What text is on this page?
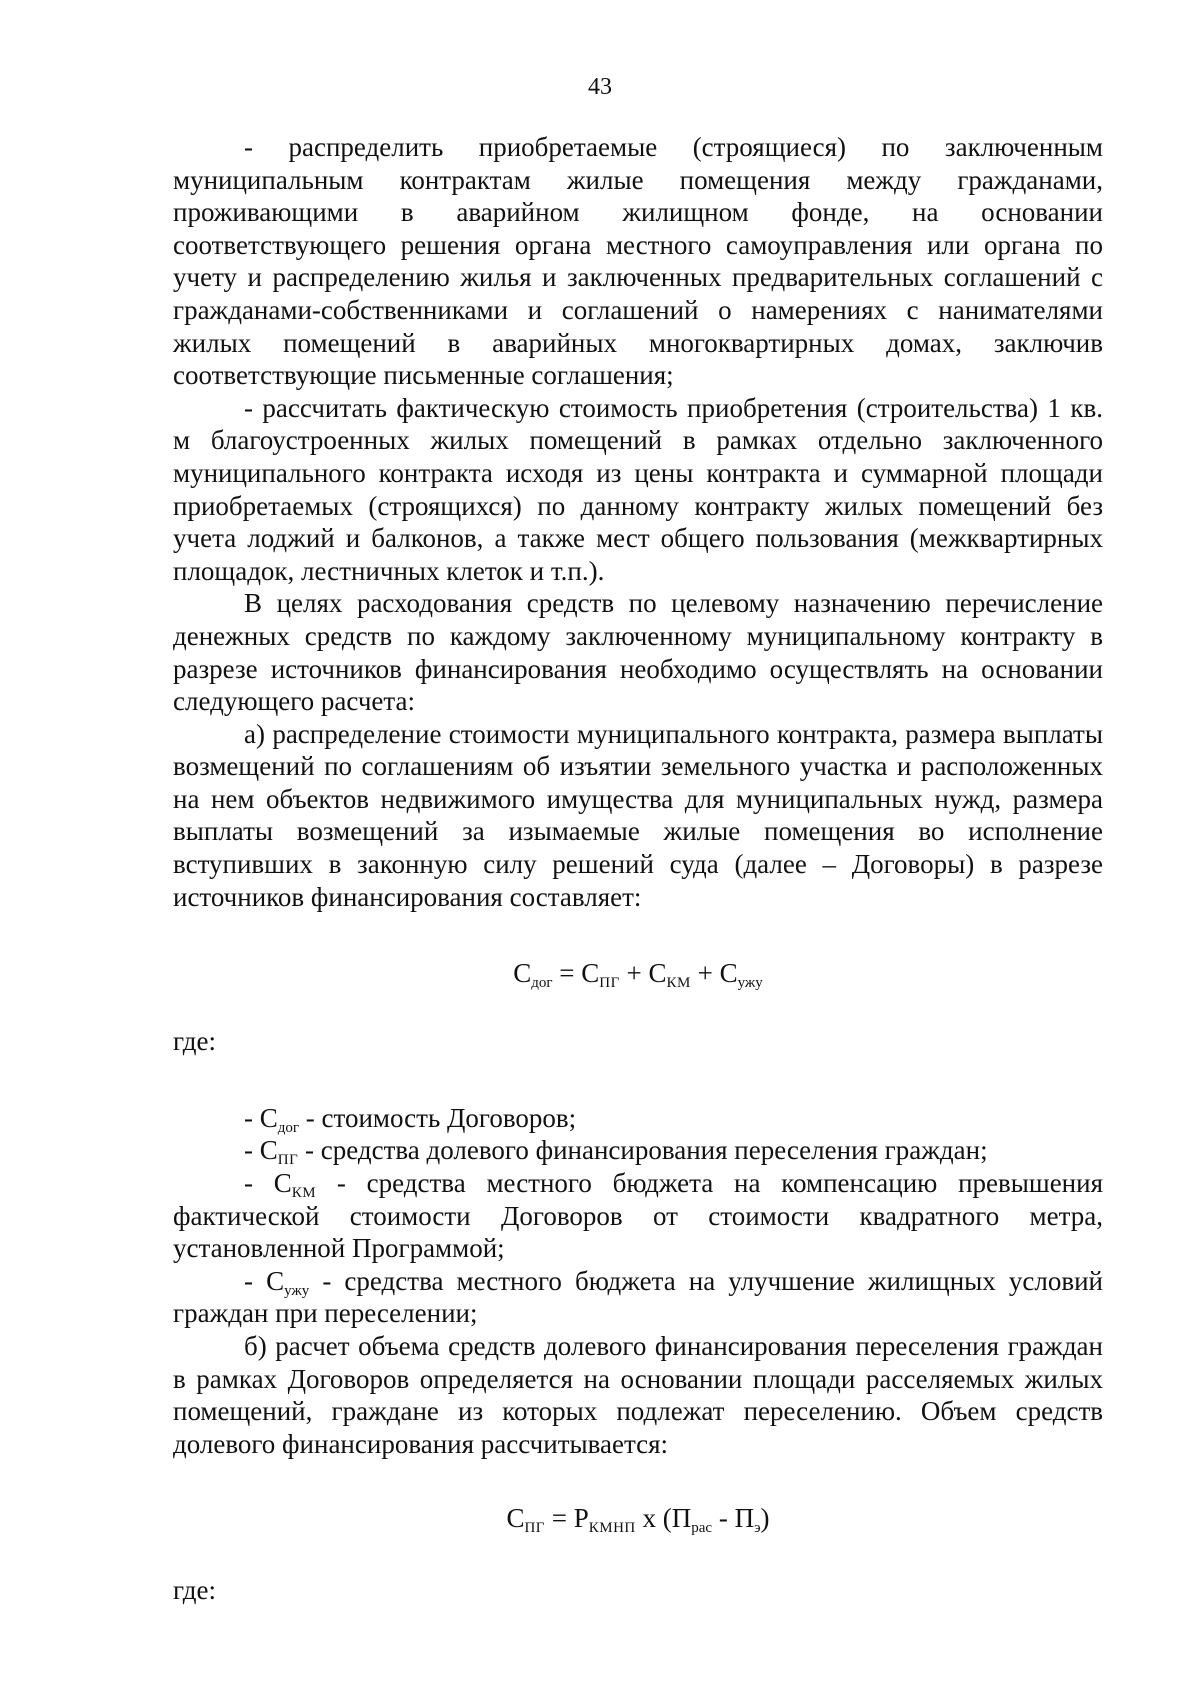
43

- распределить приобретаемые (строящиеся) по заключенным муниципальным контрактам жилые помещения между гражданами, проживающими в аварийном жилищном фонде, на основании соответствующего решения органа местного самоуправления или органа по учету и распределению жилья и заключенных предварительных соглашений с гражданами-собственниками и соглашений о намерениях с нанимателями жилых помещений в аварийных многоквартирных домах, заключив соответствующие письменные соглашения;

- рассчитать фактическую стоимость приобретения (строительства) 1 кв. м благоустроенных жилых помещений в рамках отдельно заключенного муниципального контракта исходя из цены контракта и суммарной площади приобретаемых (строящихся) по данному контракту жилых помещений без учета лоджий и балконов, а также мест общего пользования (межквартирных площадок, лестничных клеток и т.п.).

В целях расходования средств по целевому назначению перечисление денежных средств по каждому заключенному муниципальному контракту в разрезе источников финансирования необходимо осуществлять на основании следующего расчета:

а) распределение стоимости муниципального контракта, размера выплаты возмещений по соглашениям об изъятии земельного участка и расположенных на нем объектов недвижимого имущества для муниципальных нужд, размера выплаты возмещений за изымаемые жилые помещения во исполнение вступивших в законную силу решений суда (далее – Договоры) в разрезе источников финансирования составляет:

$С_{дог} = С_{ПГ} + С_{КМ} + С_{ужу}$

где:

- $С_{дог}$ - стоимость Договоров;

- $С_{ПГ}$ - средства долевого финансирования переселения граждан;

- $С_{КМ}$ - средства местного бюджета на компенсацию превышения фактической стоимости Договоров от стоимости квадратного метра, установленной Программой;

- $С_{ужу}$ - средства местного бюджета на улучшение жилищных условий граждан при переселении;

б) расчет объема средств долевого финансирования переселения граждан в рамках Договоров определяется на основании площади расселяемых жилых помещений, граждане из которых подлежат переселению. Объем средств долевого финансирования рассчитывается:

$С_{ПГ} = Р_{КМНП}$ х $(П_{рас} - П_э)$

где:
